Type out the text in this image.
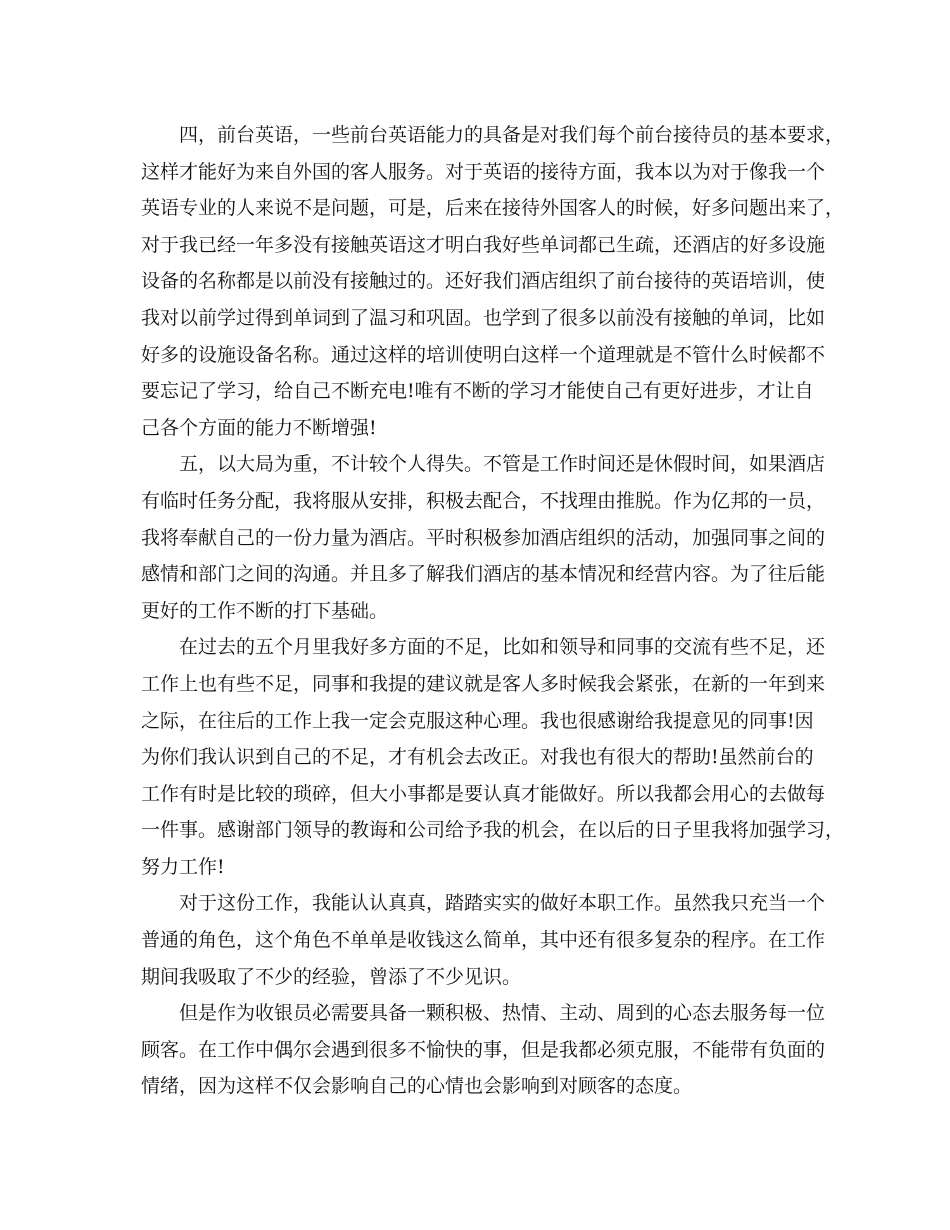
四，前台英语，一些前台英语能力的具备是对我们每个前台接待员的基本要求，
这样才能好为来自外国的客人服务。对于英语的接待方面，我本以为对于像我一个
英语专业的人来说不是问题，可是，后来在接待外国客人的时候，好多问题出来了，
对于我已经一年多没有接触英语这才明白我好些单词都已生疏，还酒店的好多设施
设备的名称都是以前没有接触过的。还好我们酒店组织了前台接待的英语培训，使
我对以前学过得到单词到了温习和巩固。也学到了很多以前没有接触的单词，比如
好多的设施设备名称。通过这样的培训使明白这样一个道理就是不管什么时候都不
要忘记了学习，给自己不断充电!唯有不断的学习才能使自己有更好进步，才让自
己各个方面的能力不断增强!
五，以大局为重，不计较个人得失。不管是工作时间还是休假时间，如果酒店
有临时任务分配，我将服从安排，积极去配合，不找理由推脱。作为亿邦的一员，
我将奉献自己的一份力量为酒店。平时积极参加酒店组织的活动，加强同事之间的
感情和部门之间的沟通。并且多了解我们酒店的基本情况和经营内容。为了往后能
更好的工作不断的打下基础。
在过去的五个月里我好多方面的不足，比如和领导和同事的交流有些不足，还
工作上也有些不足，同事和我提的建议就是客人多时候我会紧张，在新的一年到来
之际，在往后的工作上我一定会克服这种心理。我也很感谢给我提意见的同事!因
为你们我认识到自己的不足，才有机会去改正。对我也有很大的帮助!虽然前台的
工作有时是比较的琐碎，但大小事都是要认真才能做好。所以我都会用心的去做每
一件事。感谢部门领导的教诲和公司给予我的机会，在以后的日子里我将加强学习，
努力工作!
对于这份工作，我能认认真真，踏踏实实的做好本职工作。虽然我只充当一个
普通的角色，这个角色不单单是收钱这么简单，其中还有很多复杂的程序。在工作
期间我吸取了不少的经验，曾添了不少见识。
但是作为收银员必需要具备一颗积极、热情、主动、周到的心态去服务每一位
顾客。在工作中偶尔会遇到很多不愉快的事，但是我都必须克服，不能带有负面的
情绪，因为这样不仅会影响自己的心情也会影响到对顾客的态度。
